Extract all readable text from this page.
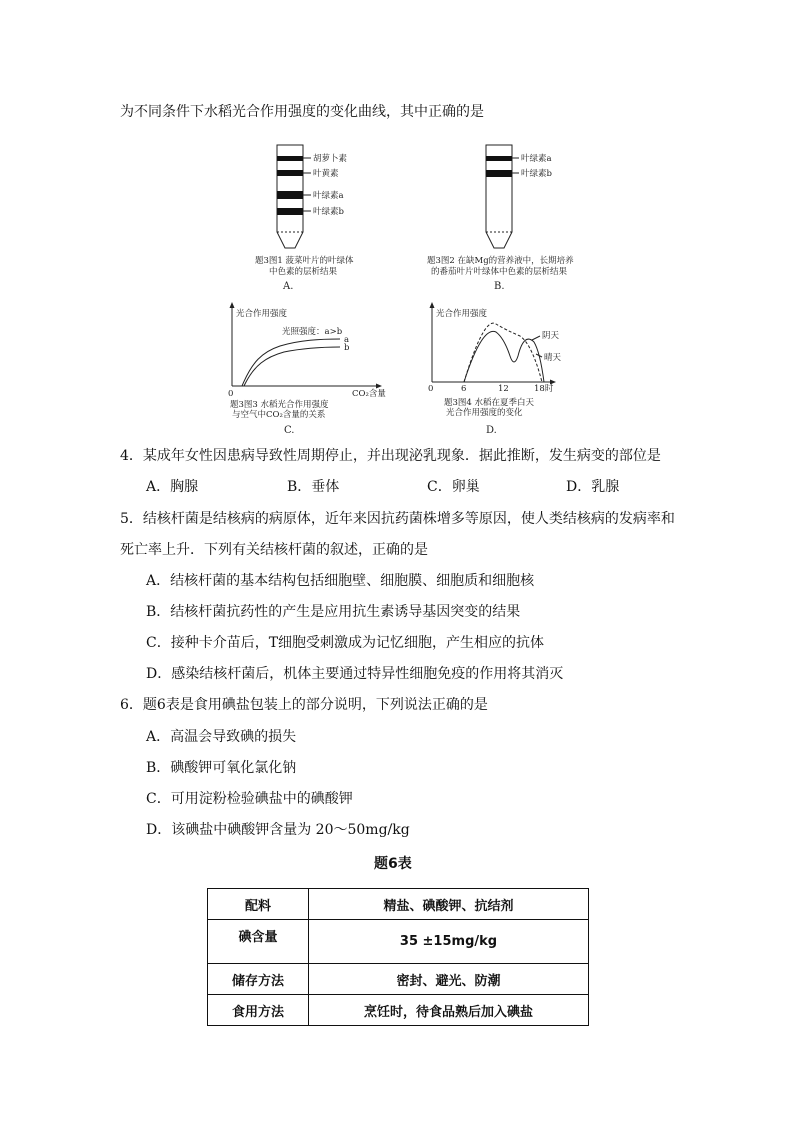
为不同条件下水稻光合作用强度的变化曲线，其中正确的是
胡萝卜素
叶黄素
叶绿素a
叶绿素b
题3图1 菠菜叶片的叶绿体
中色素的层析结果
A.
叶绿素a
叶绿素b
题3图2 在缺Mg的营养液中，长期培养
的番茄叶片叶绿体中色素的层析结果
B.
光合作用强度
光照强度：a>b
a
b
0	CO₂含量
题3图3 水稻光合作用强度
与空气中CO₂含量的关系
C.
光合作用强度
阴天
晴天
0	6	12	18时
题3图4 水稻在夏季白天
光合作用强度的变化
D.
4．某成年女性因患病导致性周期停止，并出现泌乳现象．据此推断，发生病变的部位是
A．胸腺	B．垂体	C．卵巢	D．乳腺
5．结核杆菌是结核病的病原体，近年来因抗药菌株增多等原因，使人类结核病的发病率和
死亡率上升．下列有关结核杆菌的叙述，正确的是
A．结核杆菌的基本结构包括细胞壁、细胞膜、细胞质和细胞核
B．结核杆菌抗药性的产生是应用抗生素诱导基因突变的结果
C．接种卡介苗后，T细胞受刺激成为记忆细胞，产生相应的抗体
D．感染结核杆菌后，机体主要通过特异性细胞免疫的作用将其消灭
6．题6表是食用碘盐包装上的部分说明，下列说法正确的是
A．高温会导致碘的损失
B．碘酸钾可氧化氯化钠
C．可用淀粉检验碘盐中的碘酸钾
D．该碘盐中碘酸钾含量为 20～50mg/kg
题6表
配料	精盐、碘酸钾、抗结剂
碘含量	35 ±15mg/kg
储存方法	密封、避光、防潮
食用方法	烹饪时，待食品熟后加入碘盐
